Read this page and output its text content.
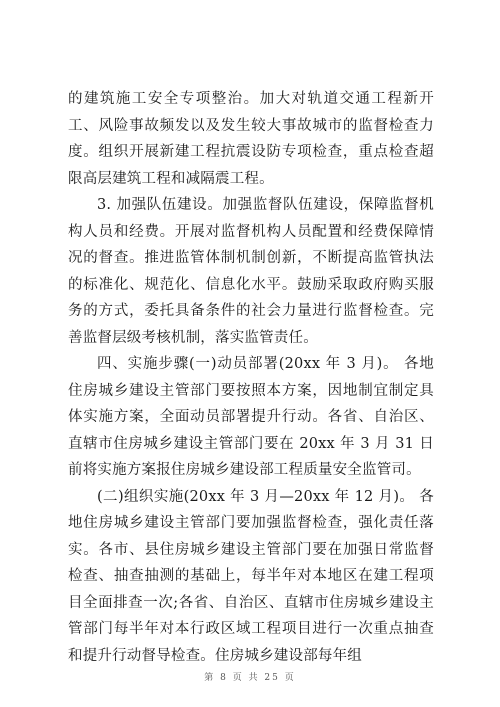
的建筑施工安全专项整治。加大对轨道交通工程新开工、风险事故频发以及发生较大事故城市的监督检查力度。组织开展新建工程抗震设防专项检查，重点检查超限高层建筑工程和减隔震工程。

3. 加强队伍建设。加强监督队伍建设，保障监督机构人员和经费。开展对监督机构人员配置和经费保障情况的督查。推进监管体制机制创新，不断提高监管执法的标准化、规范化、信息化水平。鼓励采取政府购买服务的方式，委托具备条件的社会力量进行监督检查。完善监督层级考核机制，落实监管责任。

四、实施步骤(一)动员部署(20xx 年 3 月)。 各地住房城乡建设主管部门要按照本方案，因地制宜制定具体实施方案，全面动员部署提升行动。各省、自治区、直辖市住房城乡建设主管部门要在 20xx 年 3 月 31 日前将实施方案报住房城乡建设部工程质量安全监管司。

(二)组织实施(20xx 年 3 月—20xx 年 12 月)。 各地住房城乡建设主管部门要加强监督检查，强化责任落实。各市、县住房城乡建设主管部门要在加强日常监督检查、抽查抽测的基础上，每半年对本地区在建工程项目全面排查一次;各省、自治区、直辖市住房城乡建设主管部门每半年对本行政区域工程项目进行一次重点抽查和提升行动督导检查。住房城乡建设部每年组

第 8 页 共 25 页
